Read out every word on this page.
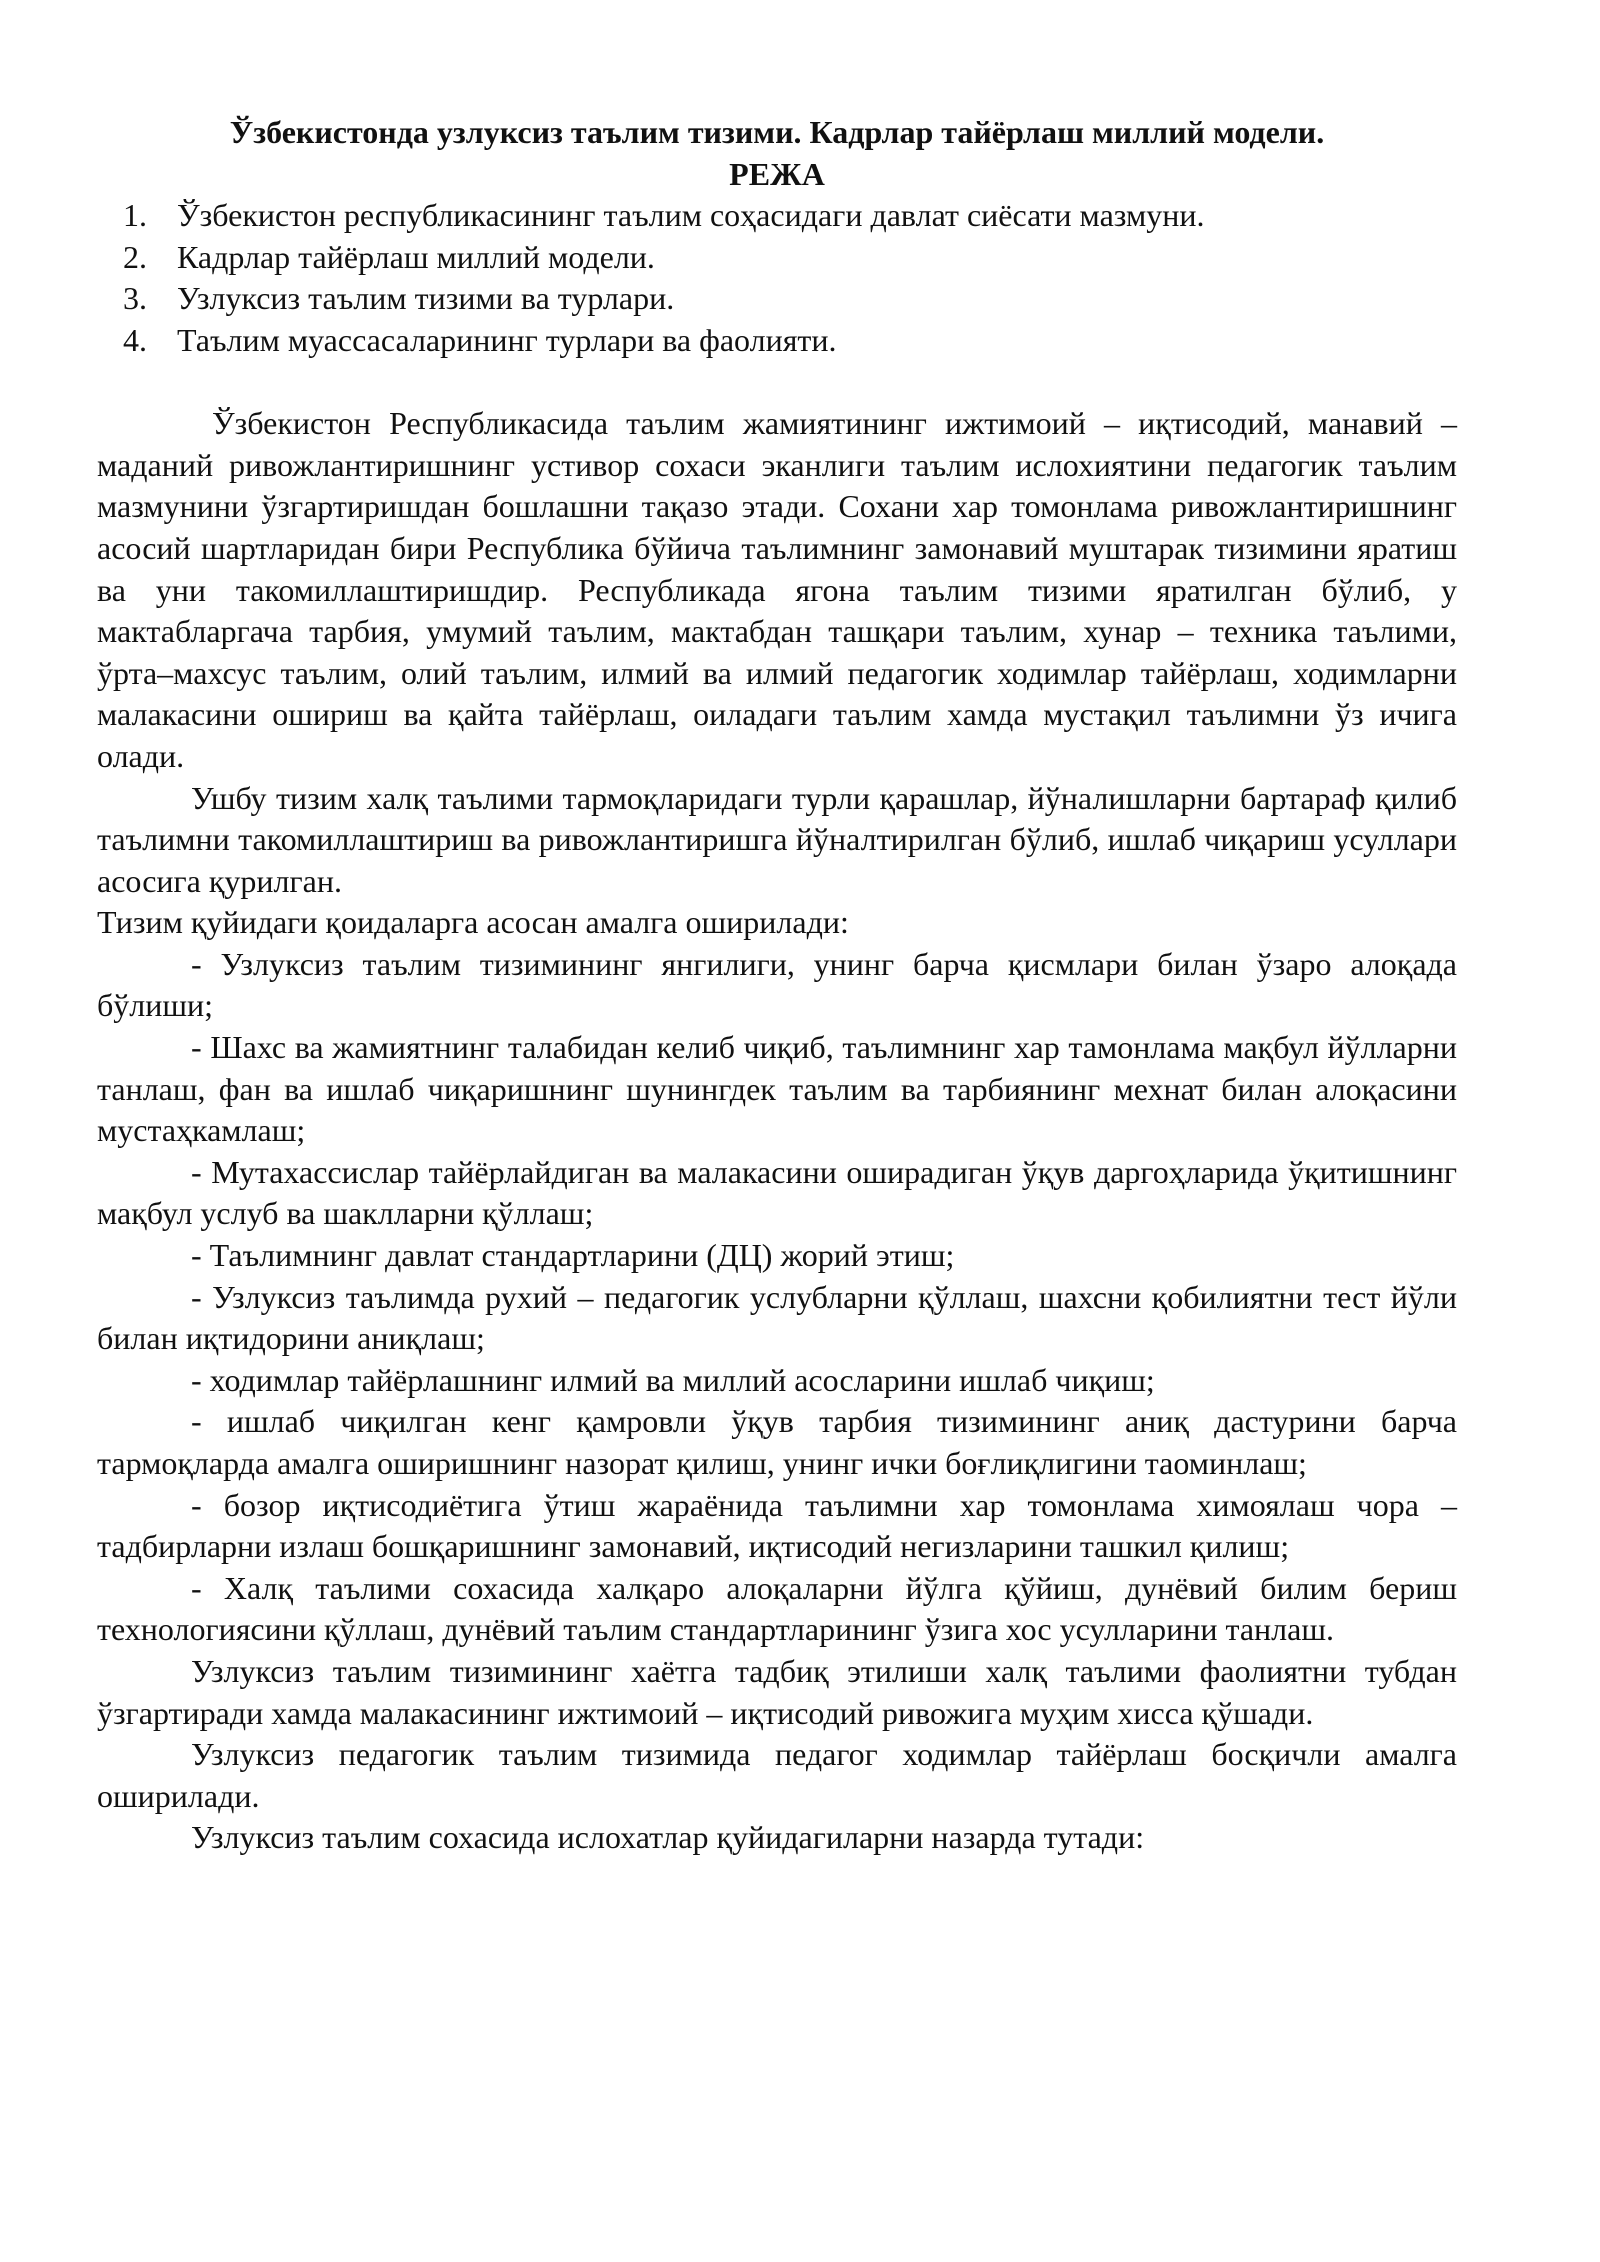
Ўзбекистонда узлуксиз таълим тизими. Кадрлар тайёрлаш миллий модели.
РЕЖА
1. Ўзбекистон республикасининг таълим соҳасидаги давлат сиёсати мазмуни.
2. Кадрлар тайёрлаш миллий модели.
3. Узлуксиз таълим тизими ва турлари.
4. Таълим муассасаларининг турлари ва фаолияти.

Ўзбекистон Республикасида таълим жамиятининг ижтимоий – иқтисодий, манавий – маданий ривожлантиришнинг устивор сохаси эканлиги таълим ислохиятини педагогик таълим мазмунини ўзгартиришдан бошлашни тақазо этади. Сохани хар томонлама ривожлантиришнинг асосий шартларидан бири Республика бўйича таълимнинг замонавий муштарак тизимини яратиш ва уни такомиллаштиришдир. Республикада ягона таълим тизими яратилган бўлиб, у мактабларгача тарбия, умумий таълим, мактабдан ташқари таълим, хунар – техника таълими, ўрта–махсус таълим, олий таълим, илмий ва илмий педагогик ходимлар тайёрлаш, ходимларни малакасини ошириш ва қайта тайёрлаш, оиладаги таълим хамда мустақил таълимни ўз ичига олади.

Ушбу тизим халқ таълими тармоқларидаги турли қарашлар, йўналишларни бартараф қилиб таълимни такомиллаштириш ва ривожлантиришга йўналтирилган бўлиб, ишлаб чиқариш усуллари асосига қурилган.

Тизим қуйидаги қоидаларга асосан амалга оширилади:

- Узлуксиз таълим тизимининг янгилиги, унинг барча қисмлари билан ўзаро алоқада бўлиши;

- Шахс ва жамиятнинг талабидан келиб чиқиб, таълимнинг хар тамонлама мақбул йўлларни танлаш, фан ва ишлаб чиқаришнинг шунингдек таълим ва тарбиянинг мехнат билан алоқасини мустаҳкамлаш;

- Мутахассислар тайёрлайдиган ва малакасини оширадиган ўқув даргоҳларида ўқитишнинг мақбул услуб ва шаклларни қўллаш;

- Таълимнинг давлат стандартларини (ДЦ) жорий этиш;

- Узлуксиз таълимда рухий – педагогик услубларни қўллаш, шахсни қобилиятни тест йўли билан иқтидорини аниқлаш;

- ходимлар тайёрлашнинг илмий ва миллий асосларини ишлаб чиқиш;

- ишлаб чиқилган кенг қамровли ўқув тарбия тизимининг аниқ дастурини барча тармоқларда амалга оширишнинг назорат қилиш, унинг ички боғлиқлигини таоминлаш;

- бозор иқтисодиётига ўтиш жараёнида таълимни хар томонлама химоялаш чора – тадбирларни излаш бошқаришнинг замонавий, иқтисодий негизларини ташкил қилиш;

- Халқ таълими сохасида халқаро алоқаларни йўлга қўйиш, дунёвий билим бериш технологиясини қўллаш, дунёвий таълим стандартларининг ўзига хос усулларини танлаш.

Узлуксиз таълим тизимининг хаётга тадбиқ этилиши халқ таълими фаолиятни тубдан ўзгартиради хамда малакасининг ижтимоий – иқтисодий ривожига муҳим хисса қўшади.

Узлуксиз педагогик таълим тизимида педагог ходимлар тайёрлаш босқичли амалга оширилади.

Узлуксиз таълим сохасида ислохатлар қуйидагиларни назарда тутади:
